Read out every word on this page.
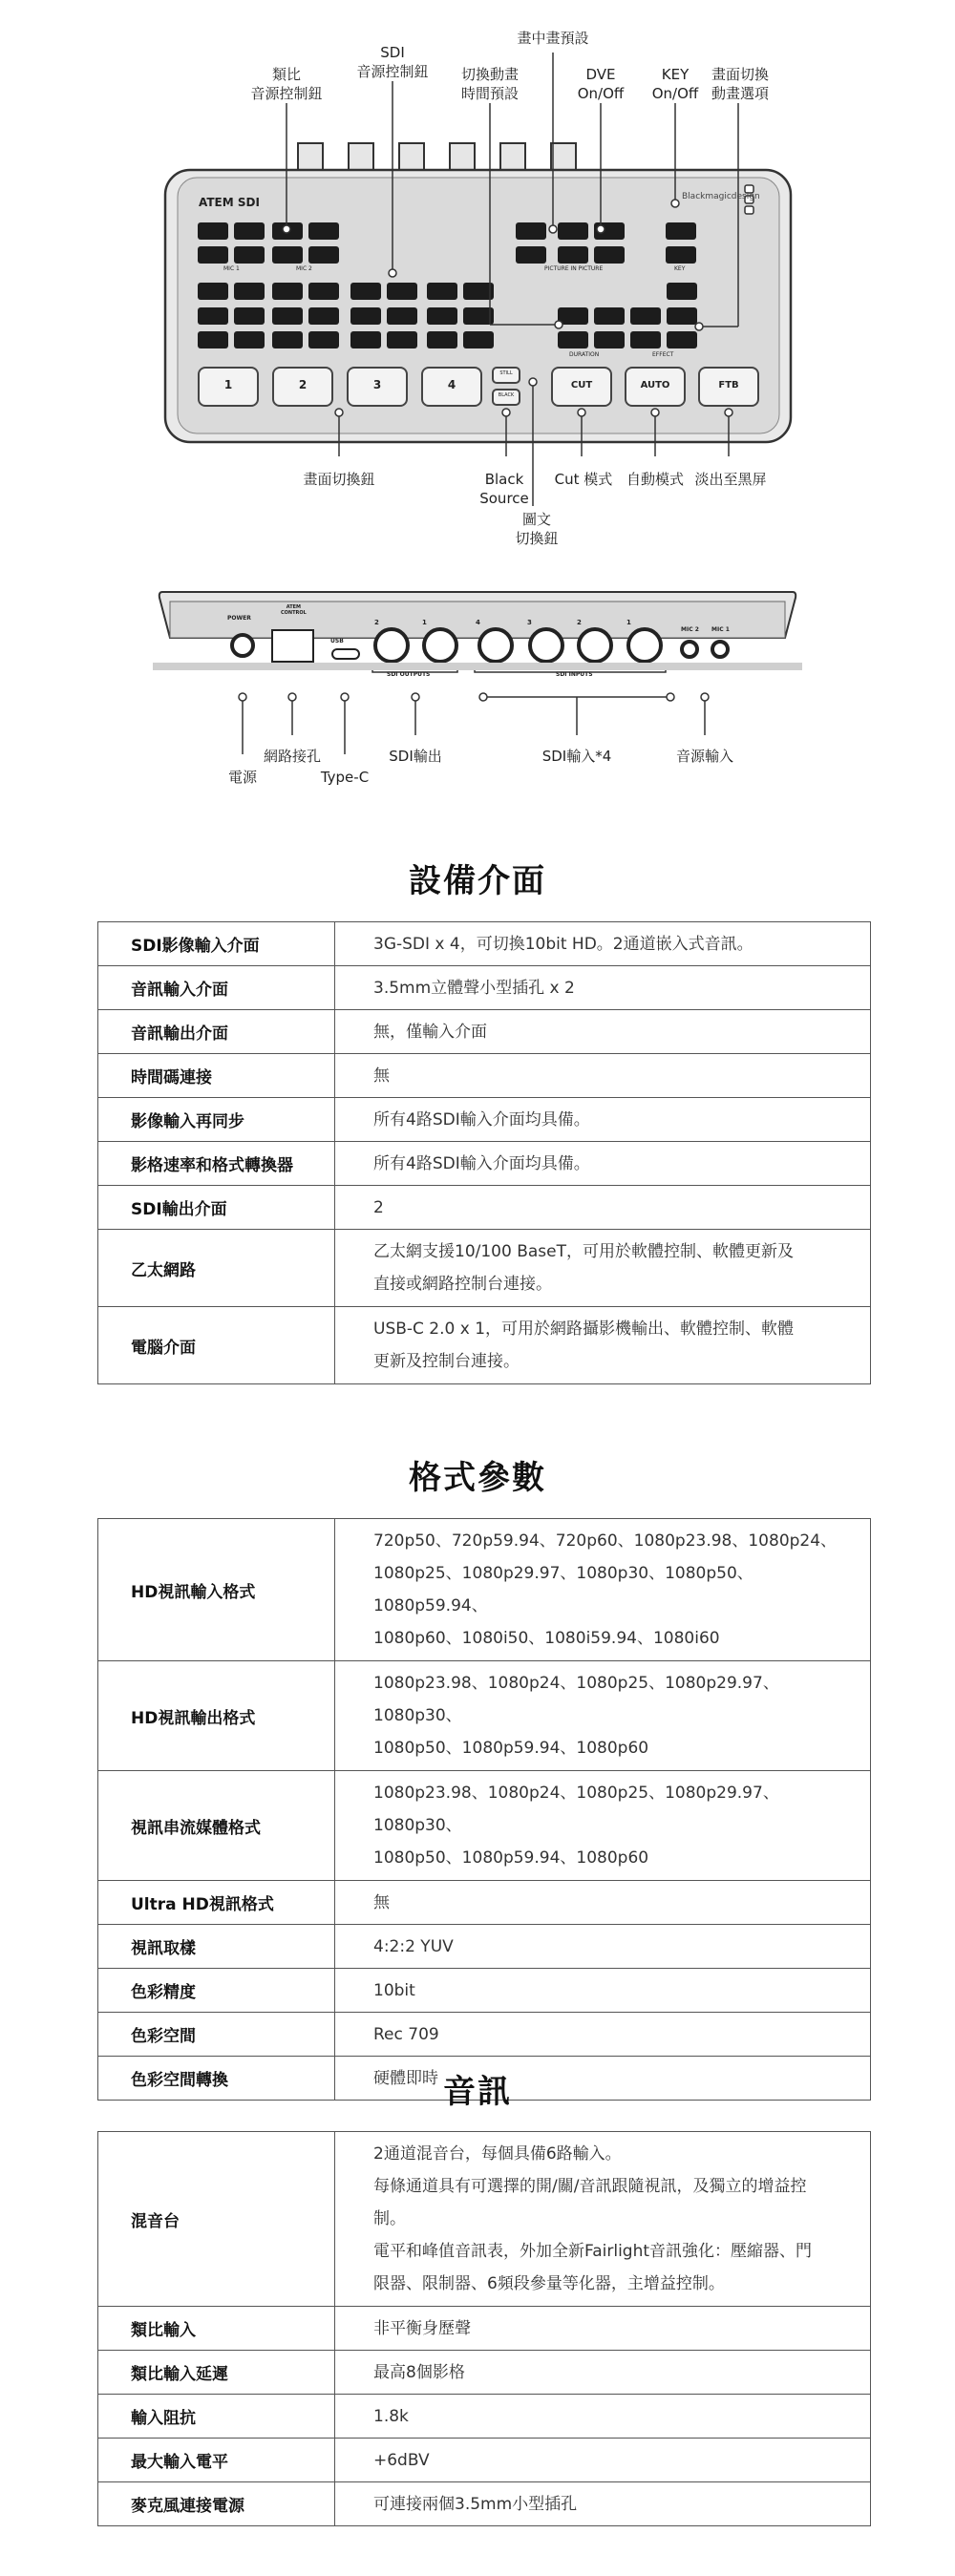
ATEM SDI	Blackmagicdesign
MIC 1	MIC 2	PICTURE IN PICTURE	KEY
DURATION	EFFECT
1	2	3	4
STILL
BLACK
CUT	AUTO	FTB
類比
音源控制鈕
SDI
音源控制鈕	切換動畫
時間預設
畫中畫預設
DVE
On/Off
KEY
On/Off
畫面切換
動畫選項
畫面切換鈕	Black
Source
Cut 模式 自動模式 淡出至黑屏
圖文
切換鈕
POWER
ATEM
CONTROL
USB
SDI OUTPUTS	SDI INPUTS
MIC 2 MIC 1
2	1	4	3	2	1
電源
網路接孔
Type-C
SDI輸出	SDI輸入*4	音源輸入
設備介面
SDI影像輸入介面	3G-SDI x 4，可切換10bit HD。2通道嵌入式音訊。
音訊輸入介面	3.5mm立體聲小型插孔 x 2
音訊輸出介面	無，僅輸入介面
時間碼連接	無
影像輸入再同步	所有4路SDI輸入介面均具備。
影格速率和格式轉換器	所有4路SDI輸入介面均具備。
SDI輸出介面	2
乙太網路	乙太網支援10/100 BaseT，可用於軟體控制、軟體更新及
直接或網路控制台連接。
電腦介面	USB-C 2.0 x 1，可用於網路攝影機輸出、軟體控制、軟體
更新及控制台連接。
格式參數
HD視訊輸入格式	720p50、720p59.94、720p60、1080p23.98、1080p24、
1080p25、1080p29.97、1080p30、1080p50、1080p59.94、
1080p60、1080i50、1080i59.94、1080i60
HD視訊輸出格式	1080p23.98、1080p24、1080p25、1080p29.97、1080p30、
1080p50、1080p59.94、1080p60
視訊串流媒體格式	1080p23.98、1080p24、1080p25、1080p29.97、1080p30、
1080p50、1080p59.94、1080p60
Ultra HD視訊格式	無
視訊取樣	4:2:2 YUV
色彩精度	10bit
色彩空間	Rec 709
色彩空間轉換	硬體即時 音訊
混音台	2通道混音台，每個具備6路輸入。
每條通道具有可選擇的開/關/音訊跟隨視訊，及獨立的增益控
制。
電平和峰值音訊表，外加全新Fairlight音訊強化：壓縮器、門
限器、限制器、6頻段參量等化器，主增益控制。
類比輸入	非平衡身歷聲
類比輸入延遲	最高8個影格
輸入阻抗	1.8k
最大輸入電平	+6dBV
麥克風連接電源	可連接兩個3.5mm小型插孔
